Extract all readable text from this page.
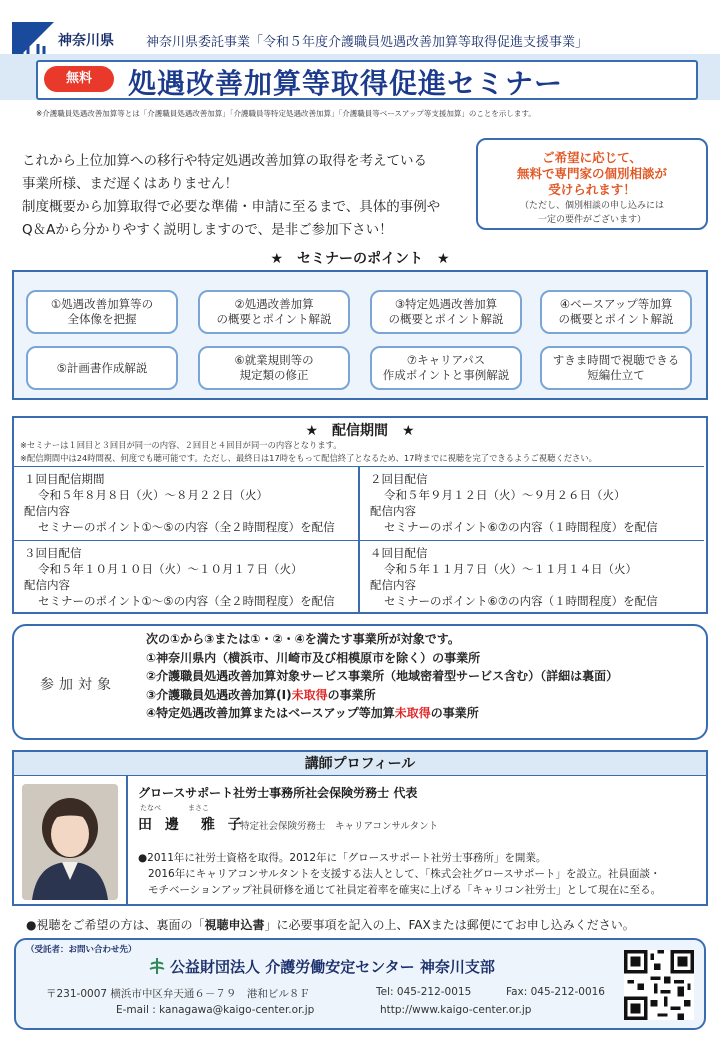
神奈川県 神奈川県委託事業「令和５年度介護職員処遇改善加算等取得促進支援事業」
無料	処遇改善加算等取得促進セミナー
※介護職員処遇改善加算等とは「介護職員処遇改善加算」「介護職員等特定処遇改善加算」「介護職員等ベースアップ等支援加算」のことを示します。
これから上位加算への移行や特定処遇改善加算の取得を考えている
事業所様、まだ遅くはありません！
制度概要から加算取得で必要な準備・申請に至るまで、具体的事例や
Q＆Aから分かりやすく説明しますので、是非ご参加下さい！
ご希望に応じて、
無料で専門家の個別相談が
受けられます！
（ただし、個別相談の申し込みには
一定の要件がございます）
★　セミナーのポイント　★
①処遇改善加算等の
全体像を把握
②処遇改善加算
の概要とポイント解説
③特定処遇改善加算
の概要とポイント解説
④ベースアップ等加算
の概要とポイント解説
⑤計画書作成解説
⑥就業規則等の
規定類の修正
⑦キャリアパス
作成ポイントと事例解説
すきま時間で視聴できる
短編仕立て
★　配信期間　★
※セミナーは１回目と３回目が同一の内容、２回目と４回目が同一の内容となります。
※配信期間中は24時間視、何度でも聴可能です。ただし、最終日は17時をもって配信終了となるため、17時までに視聴を完了できるようご視聴ください。
１回目配信期間
令和５年８月８日（火）～８月２２日（火）
配信内容
セミナーのポイント①～⑤の内容（全２時間程度）を配信
２回目配信
令和５年９月１２日（火）～９月２６日（火）
配信内容
セミナーのポイント⑥⑦の内容（１時間程度）を配信
３回目配信
令和５年１０月１０日（火）～１０月１７日（火）
配信内容
セミナーのポイント①～⑤の内容（全２時間程度）を配信
４回目配信
令和５年１１月７日（火）～１１月１４日（火）
配信内容
セミナーのポイント⑥⑦の内容（１時間程度）を配信
参加対象
次の①から③または①・②・④を満たす事業所が対象です。
①神奈川県内（横浜市、川崎市及び相模原市を除く）の事業所
②介護職員処遇改善加算対象サービス事業所（地域密着型サービス含む）（詳細は裏面）
③介護職員処遇改善加算(Ⅰ)未取得の事業所
④特定処遇改善加算またはベースアップ等加算未取得の事業所
講師プロフィール
グロースサポート社労士事務所社会保険労務士 代表
たなべ	まさこ
田 邊　雅 子
特定社会保険労務士　キャリアコンサルタント
●2011年に社労士資格を取得。2012年に「グロースサポート社労士事務所」を開業。
2016年にキャリアコンサルタントを支援する法人として、「株式会社グロースサポート」を設立。社員面談・
モチベーションアップ社員研修を通じて社員定着率を確実に上げる「キャリコン社労士」として現在に至る。
●視聴をご希望の方は、裏面の「視聴申込書」に必要事項を記入の上、FAXまたは郵便にてお申し込みください。
（受託者：お問い合わせ先）
公益財団法人 介護労働安定センター 神奈川支部
〒231-0007 横浜市中区弁天通６－７９　港和ビル８Ｆ	Tel: 045-212-0015	Fax: 045-212-0016
E-mail : kanagawa@kaigo-center.or.jp	http://www.kaigo-center.or.jp
